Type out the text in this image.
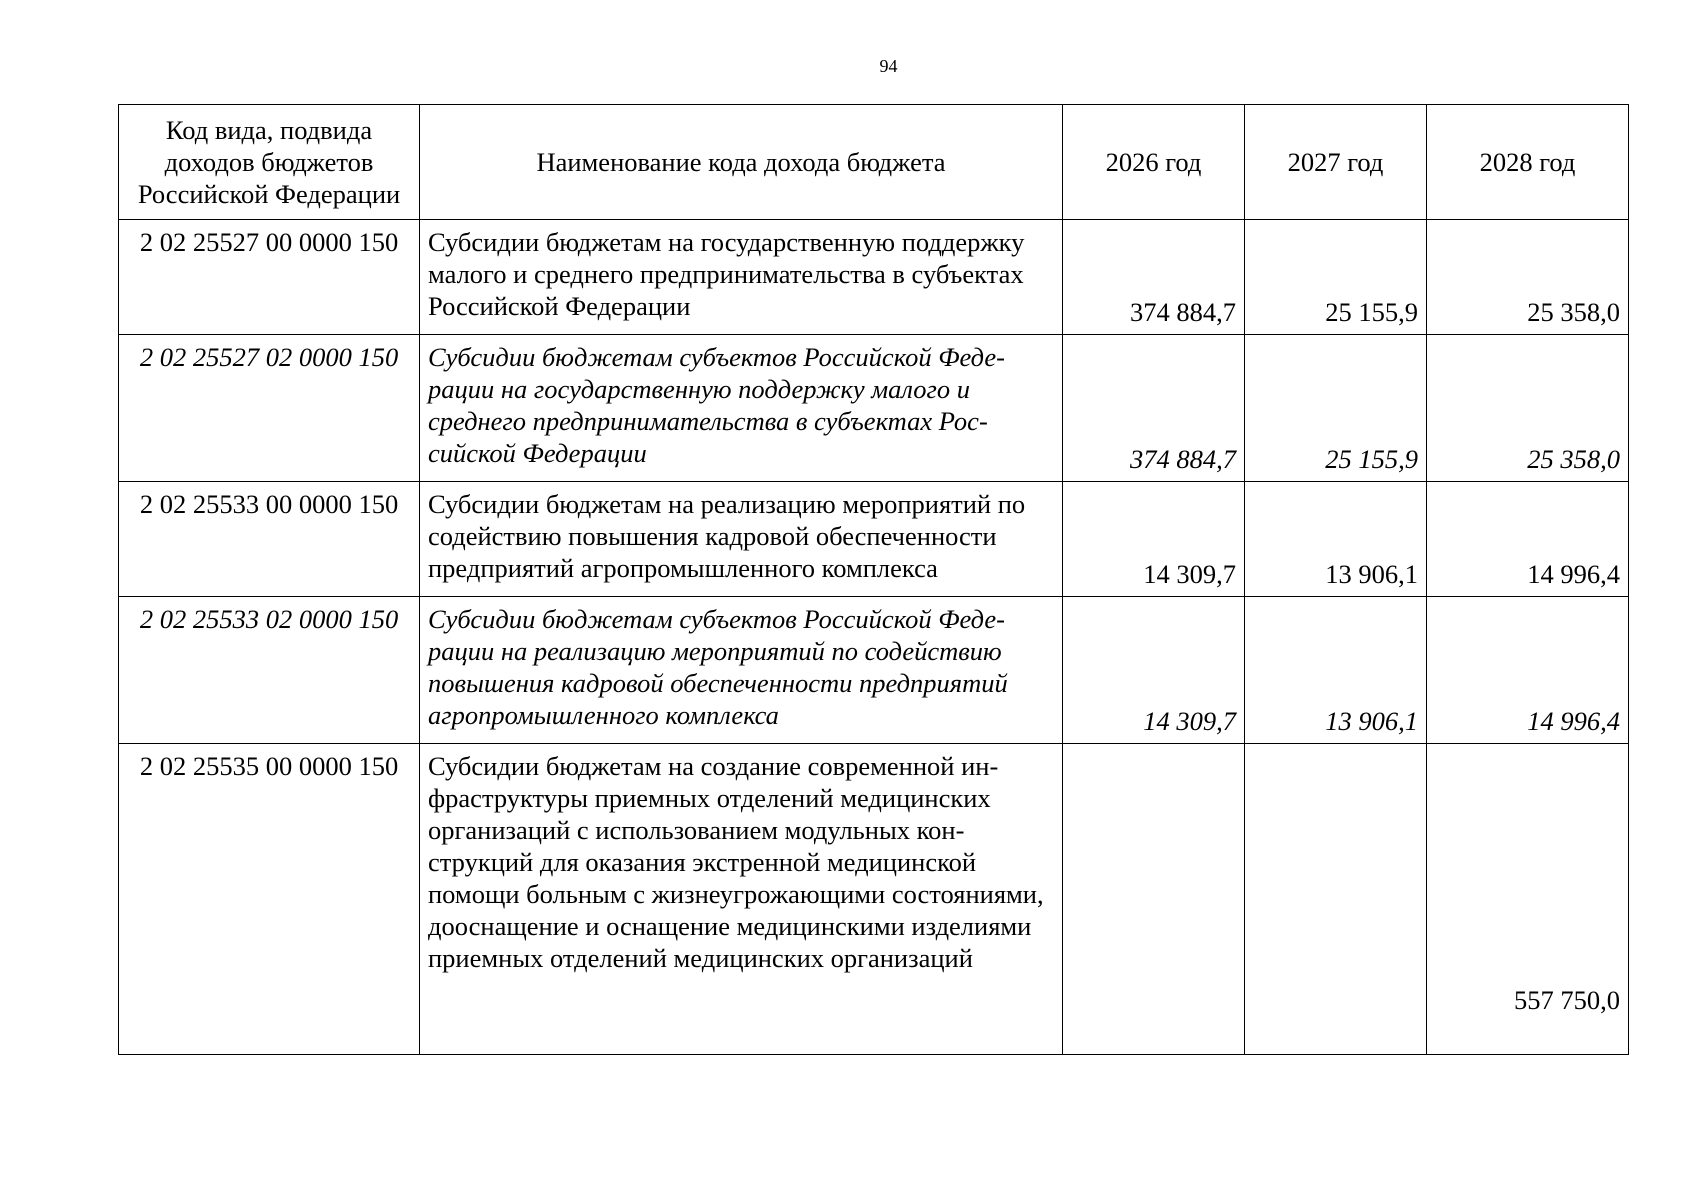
94
Код вида, подвида доходов бюджетов Российской Федерации	Наименование кода дохода бюджета	2026 год	2027 год	2028 год
2 02 25527 00 0000 150	Субсидии бюджетам на государственную поддержку малого и среднего предпринимательства в субъектах Российской Федерации	374 884,7	25 155,9	25 358,0
2 02 25527 02 0000 150	Субсидии бюджетам субъектов Российской Федерации на государственную поддержку малого и среднего предпринимательства в субъектах Российской Федерации	374 884,7	25 155,9	25 358,0
2 02 25533 00 0000 150	Субсидии бюджетам на реализацию мероприятий по содействию повышения кадровой обеспеченности предприятий агропромышленного комплекса	14 309,7	13 906,1	14 996,4
2 02 25533 02 0000 150	Субсидии бюджетам субъектов Российской Федерации на реализацию мероприятий по содействию повышения кадровой обеспеченности предприятий агропромышленного комплекса	14 309,7	13 906,1	14 996,4
2 02 25535 00 0000 150	Субсидии бюджетам на создание современной инфраструктуры приемных отделений медицинских организаций с использованием модульных конструкций для оказания экстренной медицинской помощи больным с жизнеугрожающими состояниями, дооснащение и оснащение медицинскими изделиями приемных отделений медицинских организаций			557 750,0
